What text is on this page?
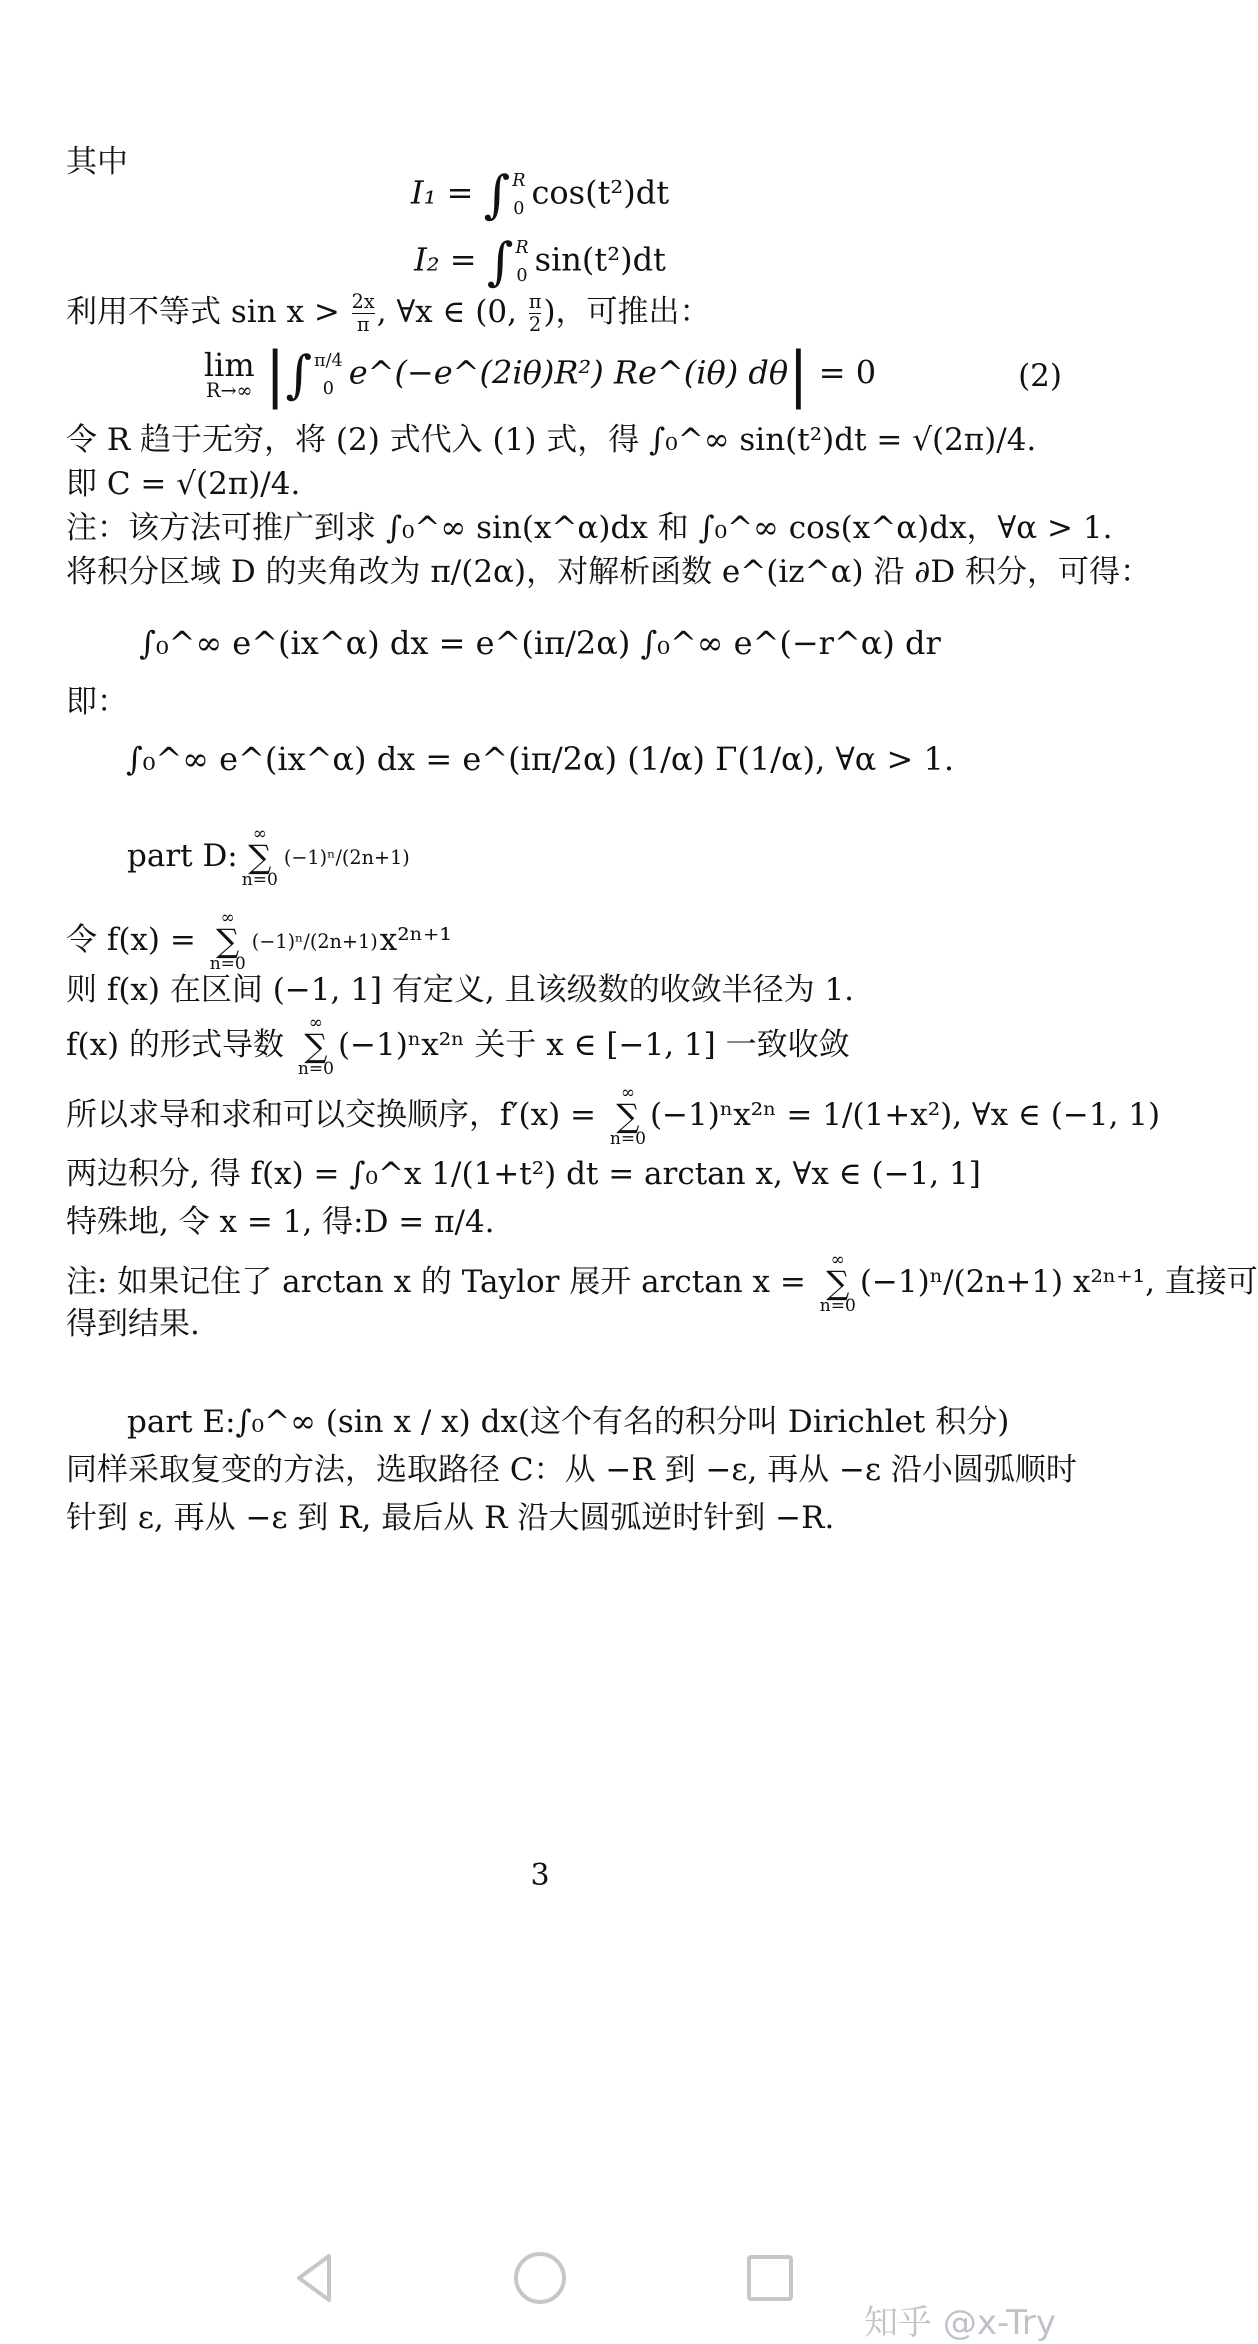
其中
I₁ = ∫ R
0 cos(t²)dt
I₂ = ∫ R
0 sin(t²)dt
利用不等式 $\sin x > \frac{2x}{\pi}$ , ∀x ∈ (0, $\frac{\pi}{2}$ )，可推出：
lim
R→∞ |∫ π/4
0 e^(−e^(2iθ)R²) Re^(iθ) dθ| = 0	(2)
令 R 趋于无穷，将 (2) 式代入 (1) 式，得 ∫₀^∞ sin(t²)dt = √(2π)/4.
即 C = √(2π)/4.
注：该方法可推广到求 ∫₀^∞ sin(x^α)dx 和 ∫₀^∞ cos(x^α)dx，∀α > 1.
将积分区域 D 的夹角改为 π/(2α)，对解析函数 e^(iz^α) 沿 ∂D 积分，可得：
∫₀^∞ e^(ix^α) dx = e^(iπ/2α) ∫₀^∞ e^(−r^α) dr
即：
∫₀^∞ e^(ix^α) dx = e^(iπ/2α) (1/α) Γ(1/α), ∀α > 1.
part D:∞
∑
n=0
(−1)ⁿ/(2n+1)
令 f(x) = ∞
∑
n=0
(−1)ⁿ/(2n+1) x²ⁿ⁺¹
则 f(x) 在区间 (−1, 1] 有定义, 且该级数的收敛半径为 1.
f(x) 的形式导数 ∞
∑
n=0(−1)ⁿx²ⁿ 关于 x ∈ [−1, 1] 一致收敛
所以求导和求和可以交换顺序，f′(x) = ∞
∑
n=0(−1)ⁿx²ⁿ = 1/(1+x²), ∀x ∈ (−1, 1)
两边积分, 得 f(x) = ∫₀^x 1/(1+t²) dt = arctan x, ∀x ∈ (−1, 1]
特殊地, 令 x = 1, 得:D = π/4.
注: 如果记住了 arctan x 的 Taylor 展开 arctan x = ∞
∑
n=0(−1)ⁿ/(2n+1) x²ⁿ⁺¹, 直接可
得到结果.
part E:∫₀^∞ (sin x / x) dx(这个有名的积分叫 Dirichlet 积分)
同样采取复变的方法，选取路径 C：从 −R 到 −ε, 再从 −ε 沿小圆弧顺时
针到 ε, 再从 −ε 到 R, 最后从 R 沿大圆弧逆时针到 −R.
3
知乎 @x-Try
